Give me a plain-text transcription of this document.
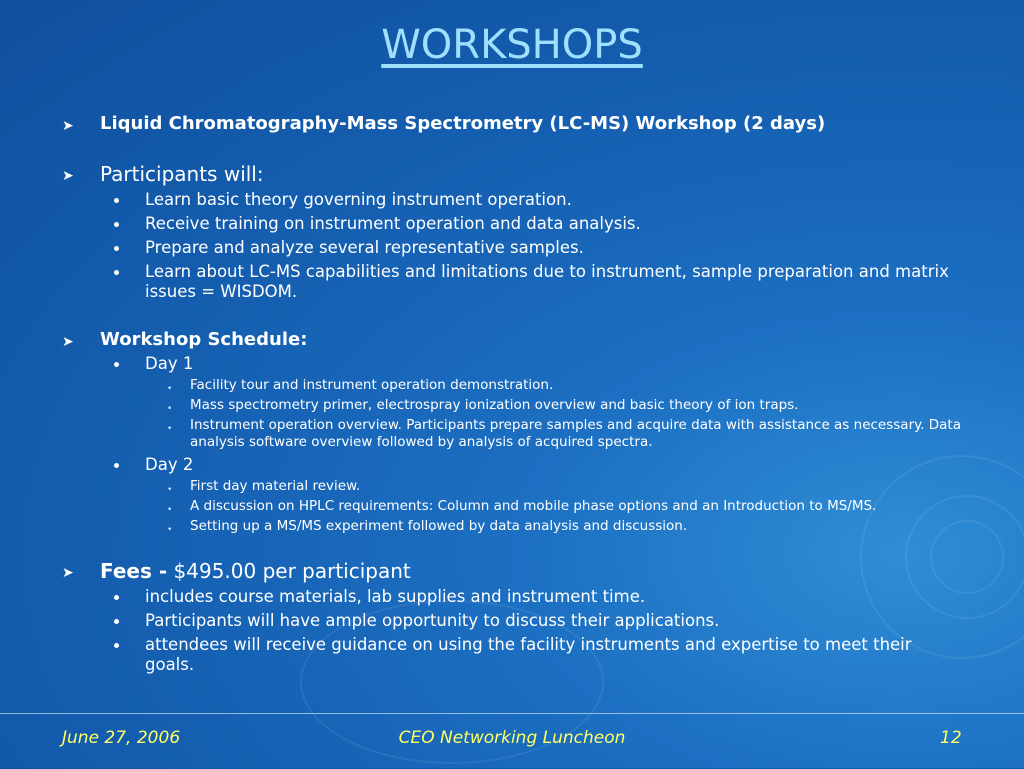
WORKSHOPS
➤ Liquid Chromatography-Mass Spectrometry (LC-MS) Workshop (2 days)
➤ Participants will:
Learn basic theory governing instrument operation.
Receive training on instrument operation and data analysis.
Prepare and analyze several representative samples.
Learn about LC-MS capabilities and limitations due to instrument, sample preparation and matrix issues = WISDOM.
➤ Workshop Schedule:
Day 1
• Facility tour and instrument operation demonstration.
• Mass spectrometry primer, electrospray ionization overview and basic theory of ion traps.
• Instrument operation overview. Participants prepare samples and acquire data with assistance as necessary. Data analysis software overview followed by analysis of acquired spectra.
Day 2
• First day material review.
• A discussion on HPLC requirements: Column and mobile phase options and an Introduction to MS/MS.
• Setting up a MS/MS experiment followed by data analysis and discussion.
➤ Fees - $495.00 per participant
includes course materials, lab supplies and instrument time.
Participants will have ample opportunity to discuss their applications.
attendees will receive guidance on using the facility instruments and expertise to meet their goals.
June 27, 2006	CEO Networking Luncheon	12
